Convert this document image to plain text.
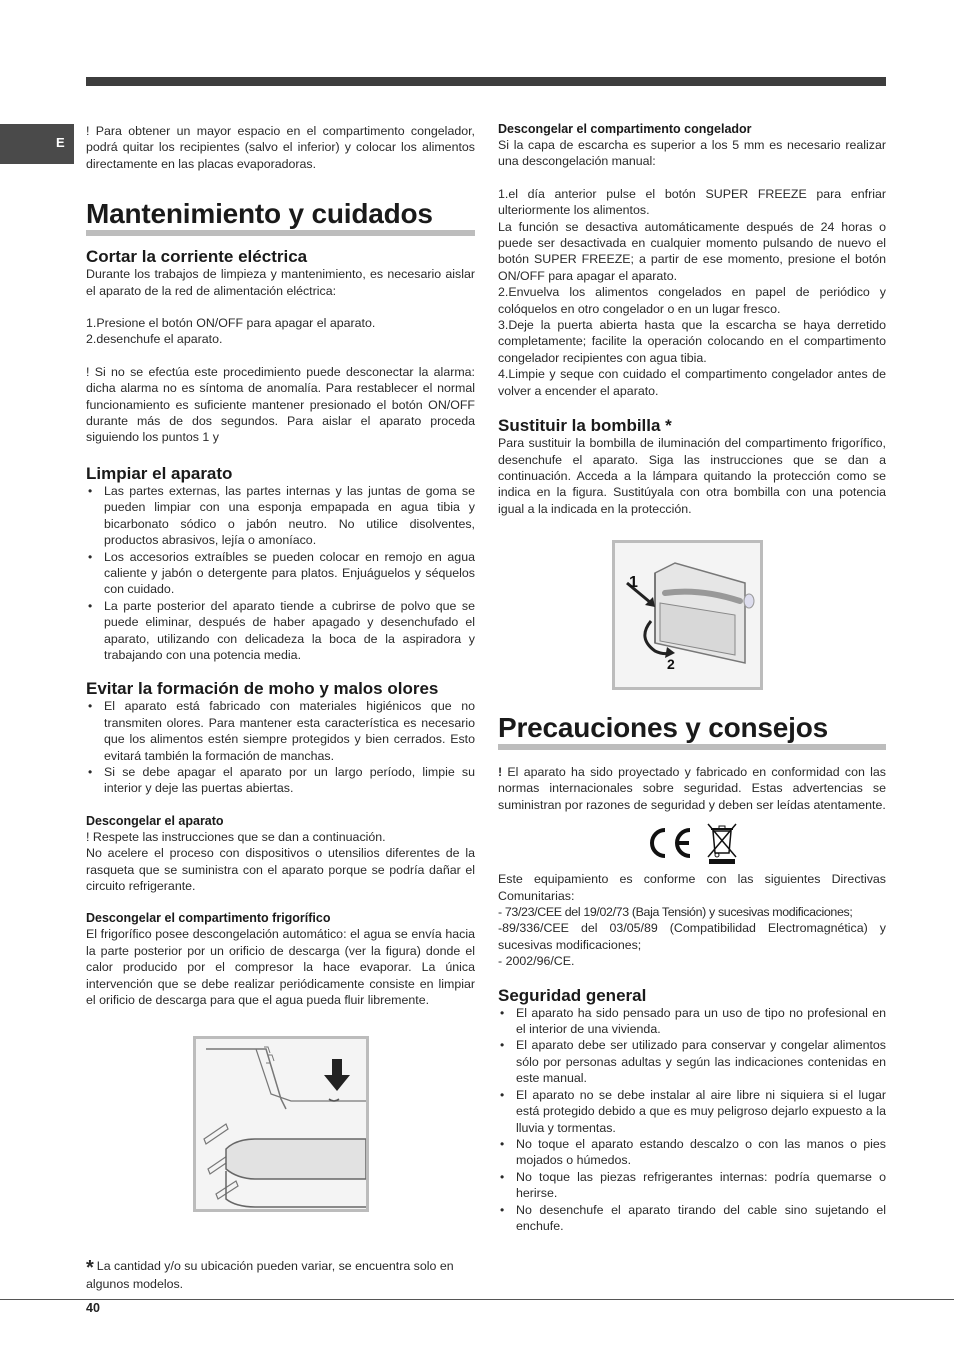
E

! Para obtener un mayor espacio en el compartimento congelador, podrá quitar los recipientes (salvo el inferior) y colocar los alimentos directamente en las placas evaporadoras.

Mantenimiento y cuidados
Cortar la corriente eléctrica

Durante los trabajos de limpieza y mantenimiento, es necesario aislar el aparato de la red de alimentación eléctrica:

1.Presione el botón ON/OFF para apagar el aparato.

2.desenchufe el aparato.

! Si no se efectúa este procedimiento puede desconectar la alarma: dicha alarma no es síntoma de anomalía. Para restablecer el normal funcionamiento es suficiente mantener presionado el botón ON/OFF durante más de dos segundos. Para aislar el aparato proceda siguiendo los puntos 1 y

Limpiar el aparato
• Las partes externas, las partes internas y las juntas de goma se pueden limpiar con una esponja empapada en agua tibia y bicarbonato sódico o jabón neutro. No utilice disolventes, productos abrasivos, lejía o amoníaco.
• Los accesorios extraíbles se pueden colocar en remojo en agua caliente y jabón o detergente para platos. Enjuáguelos y séquelos con cuidado.
• La parte posterior del aparato tiende a cubrirse de polvo que se puede eliminar, después de haber apagado y desenchufado el aparato, utilizando con delicadeza la boca de la aspiradora y trabajando con una potencia media.
Evitar la formación de moho y malos olores
• El aparato está fabricado con materiales higiénicos que no transmiten olores. Para mantener esta característica es necesario que los alimentos estén siempre protegidos y bien cerrados. Esto evitará también la formación de manchas.
• Si se debe apagar el aparato por un largo período, limpie su interior y deje las puertas abiertas.
Descongelar el aparato

! Respete las instrucciones que se dan a continuación.

No acelere el proceso con dispositivos o utensilios diferentes de la rasqueta que se suministra con el aparato porque se podría dañar el circuito refrigerante.

Descongelar el compartimento frigorífico

El frigorífico posee descongelación automático: el agua se envía hacia la parte posterior por un orificio de descarga (ver la figura) donde el calor producido por el compresor la hace evaporar. La única intervención que se debe realizar periódicamente consiste en limpiar el orificio de descarga para que el agua pueda fluir libremente.

* La cantidad y/o su ubicación pueden variar, se encuentra solo en algunos modelos.
Descongelar el compartimento congelador

Si la capa de escarcha es superior a los 5 mm es necesario realizar una descongelación manual:

1.el día anterior pulse el botón SUPER FREEZE para enfriar ulteriormente los alimentos.

La función se desactiva automáticamente después de 24 horas o puede ser desactivada en cualquier momento pulsando de nuevo el botón SUPER FREEZE; a partir de ese momento, presione el botón ON/OFF para apagar el aparato.

2.Envuelva los alimentos congelados en papel de periódico y colóquelos en otro congelador o en un lugar fresco.

3.Deje la puerta abierta hasta que la escarcha se haya derretido completamente; facilite la operación colocando en el compartimento congelador recipientes con agua tibia.

4.Limpie y seque con cuidado el compartimento congelador antes de volver a encender el aparato.

Sustituir la bombilla *

Para sustituir la bombilla de iluminación del compartimento frigorífico, desenchufe el aparato. Siga las instrucciones que se dan a continuación. Acceda a la lámpara quitando la protección como se indica en la figura. Sustitúyala con otra bombilla con una potencia igual a la indicada en la protección.

1
2
Precauciones y consejos

! El aparato ha sido proyectado y fabricado en conformidad con las normas internacionales sobre seguridad. Estas advertencias se suministran por razones de seguridad y deben ser leídas atentamente.

CE

Este equipamiento es conforme con las siguientes Directivas Comunitarias:

- 73/23/CEE del 19/02/73 (Baja Tensión) y sucesivas modificaciones;

-89/336/CEE del 03/05/89 (Compatibilidad Electromagnética) y sucesivas modificaciones;

- 2002/96/CE.

Seguridad general
• El aparato ha sido pensado para un uso de tipo no profesional en el interior de una vivienda.
• El aparato debe ser utilizado para conservar y congelar alimentos sólo por personas adultas y según las indicaciones contenidas en este manual.
• El aparato no se debe instalar al aire libre ni siquiera si el lugar está protegido debido a que es muy peligroso dejarlo expuesto a la lluvia y tormentas.
• No toque el aparato estando descalzo o con las manos o pies mojados o húmedos.
• No toque las piezas refrigerantes internas: podría quemarse o herirse.
• No desenchufe el aparato tirando del cable sino sujetando el enchufe.
40
